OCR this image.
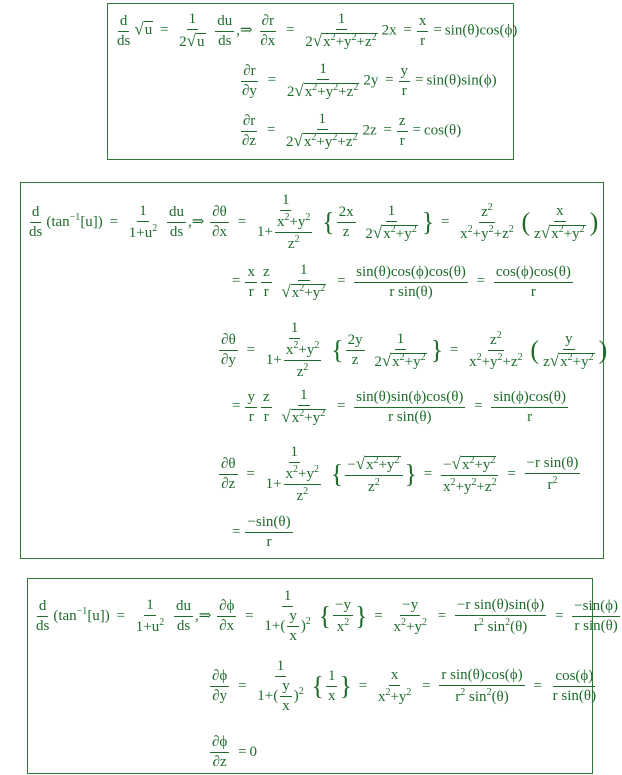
$\frac{d}{ds} √u = \frac{1}{2√u}$
$\frac{du}{ds}$ ,⇒ $\frac{\partial r}{\partial x} = \frac{1}{2√x^2+y^2+z^2} 2x = \frac{x}{r} = \sin(\theta)\cos(\phi)$
$\frac{\partial r}{\partial y} = \frac{1}{2√x^2+y^2+z^2} 2y = \frac{y}{r} = \sin(\theta)\sin(\phi)$
$\frac{\partial r}{\partial z} = \frac{1}{2√x^2+y^2+z^2} 2z = \frac{z}{r} = \cos(\theta)$
$\frac{d}{ds} (\tan^{-1}[u]) = \frac{1}{1+u^2}$
$\frac{du}{ds}$ ,⇒ $\frac{\partial\theta}{\partial x} = \frac{1}{1+ \frac{x^2+y^2}{z^2}}$ { $\frac{2x}{z}$
$\frac{1}{2√x^2+y^2}$ } = $\frac{z^2}{x^2+y^2+z^2}$ ( $\frac{x}{z√x^2+y^2}$ )
= $\frac{x}{r} \frac{z}{r}$
$\frac{1}{√x^2+y^2} = \frac{\sin(\theta)\cos(\phi)\cos(\theta)}{\text{r sin(θ)}} = \frac{\cos(\phi)\cos(\theta)}{r}$
$\frac{\partial\theta}{\partial y} = \frac{1}{1+ \frac{x^2+y^2}{z^2}}$ { $\frac{2y}{z}$
$\frac{1}{2√x^2+y^2}$ } = $\frac{z^2}{x^2+y^2+z^2}$ ( $\frac{y}{z√x^2+y^2}$ )
= $\frac{y}{r} \frac{z}{r}$
$\frac{1}{√x^2+y^2} = \frac{\sin(\theta)\sin(\phi)\cos(\theta)}{\text{r sin(θ)}} = \frac{\sin(\phi)\cos(\theta)}{r}$
$\frac{\partial\theta}{\partial z} = \frac{1}{1+ \frac{x^2+y^2}{z^2}}$ { $\frac{-√x^2+y^2}{z^2}$ } = $\frac{-√x^2+y^2}{x^2+y^2+z^2} = \frac{\text{−r sin(θ)}}{r^2}$
= $\frac{-\sin(\theta)}{r}$
$\frac{d}{ds} (\tan^{-1}[u]) = \frac{1}{1+u^2}$
$\frac{du}{ds}$ ,⇒ $\frac{\partial\phi}{\partial x} = \frac{1}{1+( \frac{y}{x} )^2}$ { $\frac{-y}{x^2}$ } = $\frac{-y}{x^2+y^2} = \frac{\text{−r sin(θ)sin(ϕ)}}{r^2 \sin^2(\theta)} = \frac{-\sin(\phi)}{\text{r sin(θ)}}$
$\frac{\partial\phi}{\partial y} = \frac{1}{1+( \frac{y}{x} )^2}$ { $\frac{1}{x}$ } = $\frac{x}{x^2+y^2} = \frac{\text{r sin(θ)cos(ϕ)}}{r^2 \sin^2(\theta)} = \frac{\cos(\phi)}{\text{r sin(θ)}}$
$\frac{\partial\phi}{\partial z} = 0$
